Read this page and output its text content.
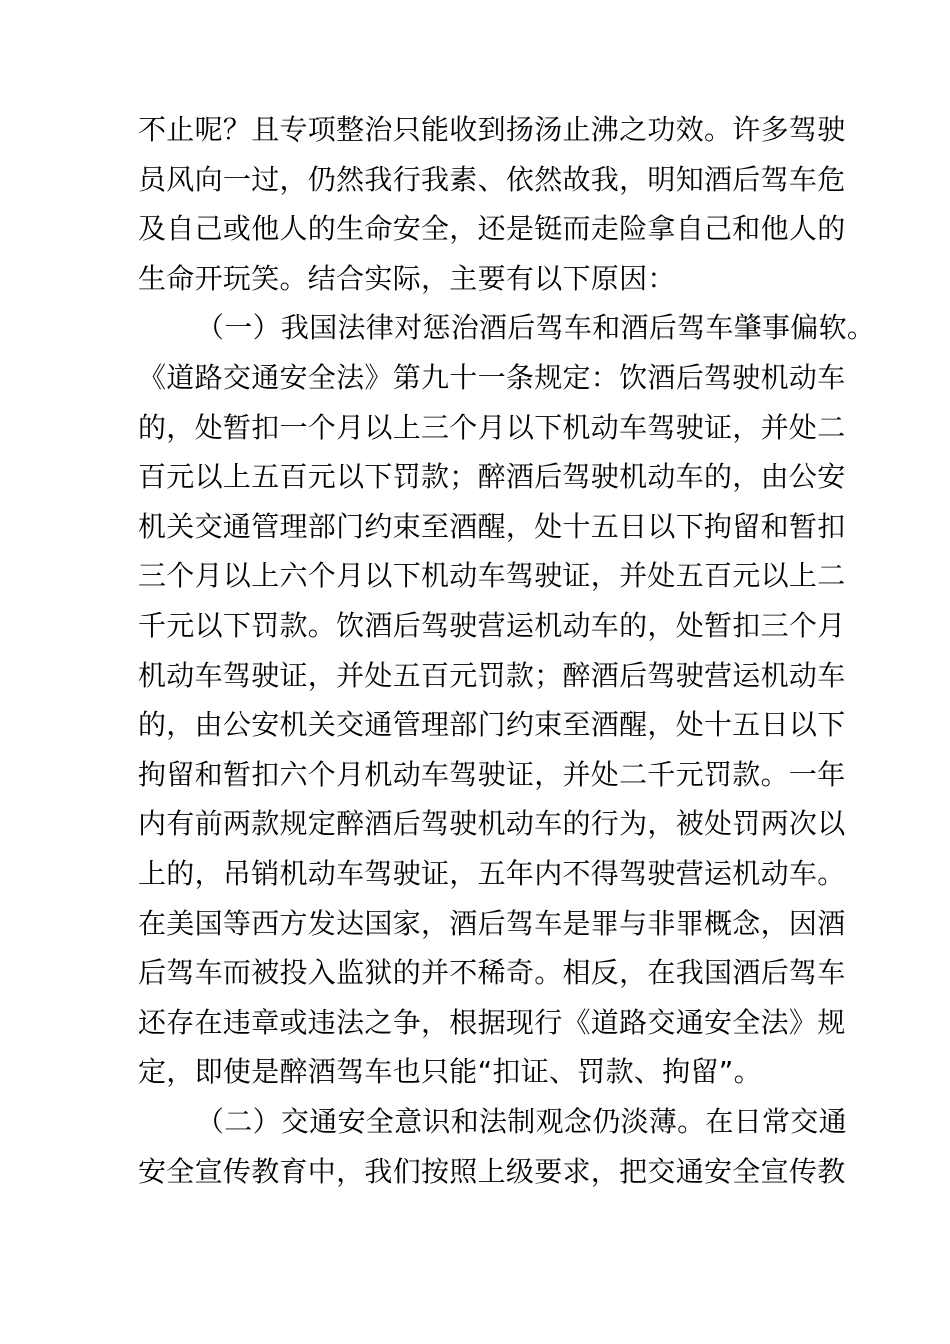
不止呢？且专项整治只能收到扬汤止沸之功效。许多驾驶
员风向一过，仍然我行我素、依然故我，明知酒后驾车危
及自己或他人的生命安全，还是铤而走险拿自己和他人的
生命开玩笑。结合实际，主要有以下原因：
（一）我国法律对惩治酒后驾车和酒后驾车肇事偏软。
《道路交通安全法》第九十一条规定：饮酒后驾驶机动车
的，处暂扣一个月以上三个月以下机动车驾驶证，并处二
百元以上五百元以下罚款；醉酒后驾驶机动车的，由公安
机关交通管理部门约束至酒醒，处十五日以下拘留和暂扣
三个月以上六个月以下机动车驾驶证，并处五百元以上二
千元以下罚款。饮酒后驾驶营运机动车的，处暂扣三个月
机动车驾驶证，并处五百元罚款；醉酒后驾驶营运机动车
的，由公安机关交通管理部门约束至酒醒，处十五日以下
拘留和暂扣六个月机动车驾驶证，并处二千元罚款。一年
内有前两款规定醉酒后驾驶机动车的行为，被处罚两次以
上的，吊销机动车驾驶证，五年内不得驾驶营运机动车。
在美国等西方发达国家，酒后驾车是罪与非罪概念，因酒
后驾车而被投入监狱的并不稀奇。相反，在我国酒后驾车
还存在违章或违法之争，根据现行《道路交通安全法》规
定，即使是醉酒驾车也只能“扣证、罚款、拘留”。
（二）交通安全意识和法制观念仍淡薄。在日常交通
安全宣传教育中，我们按照上级要求，把交通安全宣传教
